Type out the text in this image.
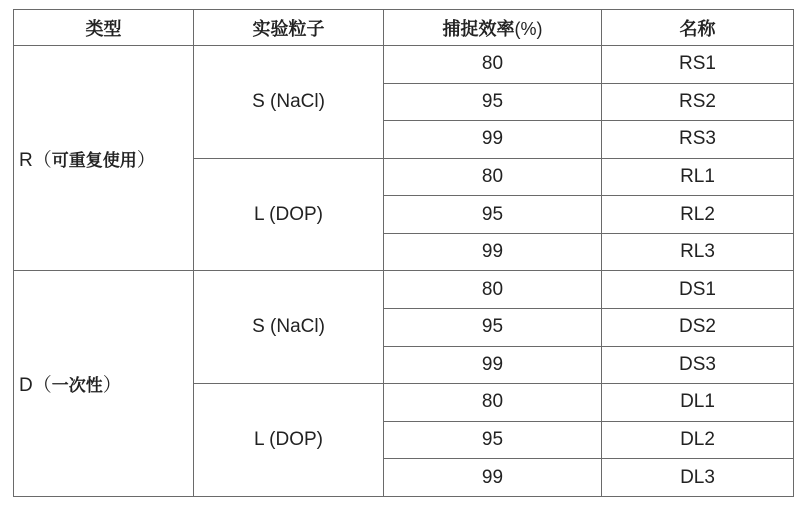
类型	实验粒子	捕捉效率(%)	名称
R（可重复使用）	S (NaCl)	80	RS1
		95	RS2
		99	RS3
	L (DOP)	80	RL1
		95	RL2
		99	RL3
D（一次性）	S (NaCl)	80	DS1
		95	DS2
		99	DS3
	L (DOP)	80	DL1
		95	DL2
		99	DL3
